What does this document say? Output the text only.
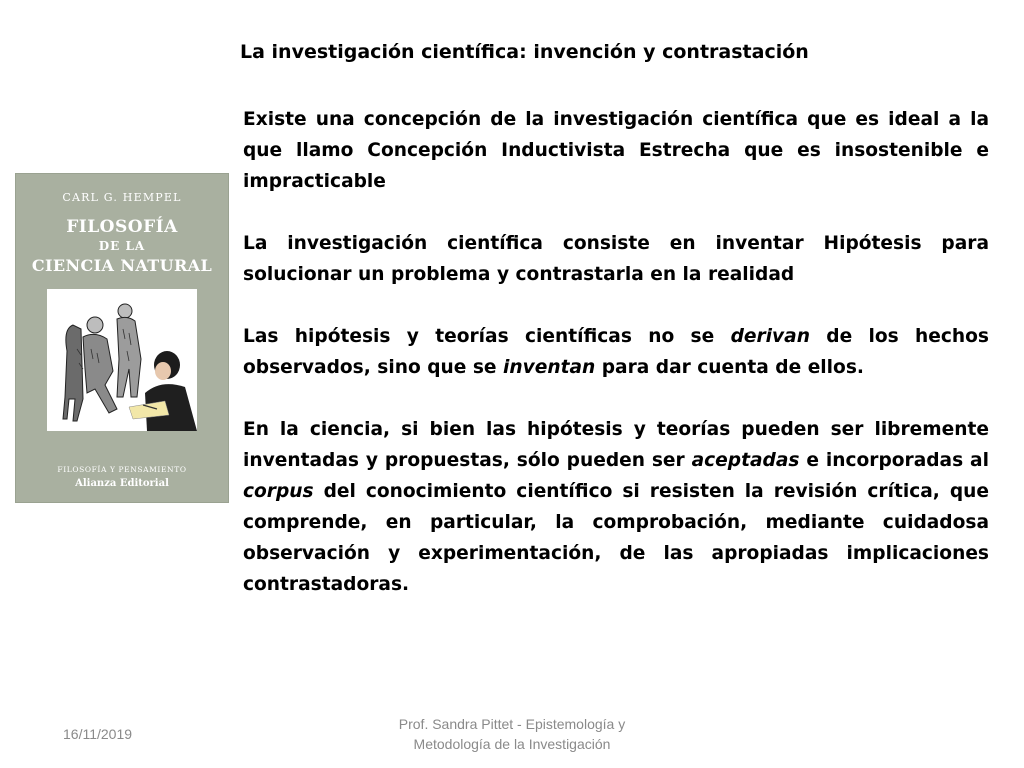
La investigación científica: invención y contrastación

Existe una concepción de la investigación científica que es ideal a la que llamo Concepción Inductivista Estrecha que es insostenible e impracticable

La investigación científica consiste en inventar Hipótesis para solucionar un problema y contrastarla en la realidad

Las hipótesis y teorías científicas no se derivan de los hechos observados, sino que se inventan para dar cuenta de ellos.

En la ciencia, si bien las hipótesis y teorías pueden ser libremente inventadas y propuestas, sólo pueden ser aceptadas e incorporadas al corpus del conocimiento científico si resisten la revisión crítica, que comprende, en particular, la comprobación, mediante cuidadosa observación y experimentación, de las apropiadas implicaciones contrastadoras.

CARL G. HEMPEL
FILOSOFÍA
DE LA
CIENCIA NATURAL
FILOSOFÍA Y PENSAMIENTO
Alianza Editorial
16/11/2019
Prof. Sandra Pittet - Epistemología y
Metodología de la Investigación
